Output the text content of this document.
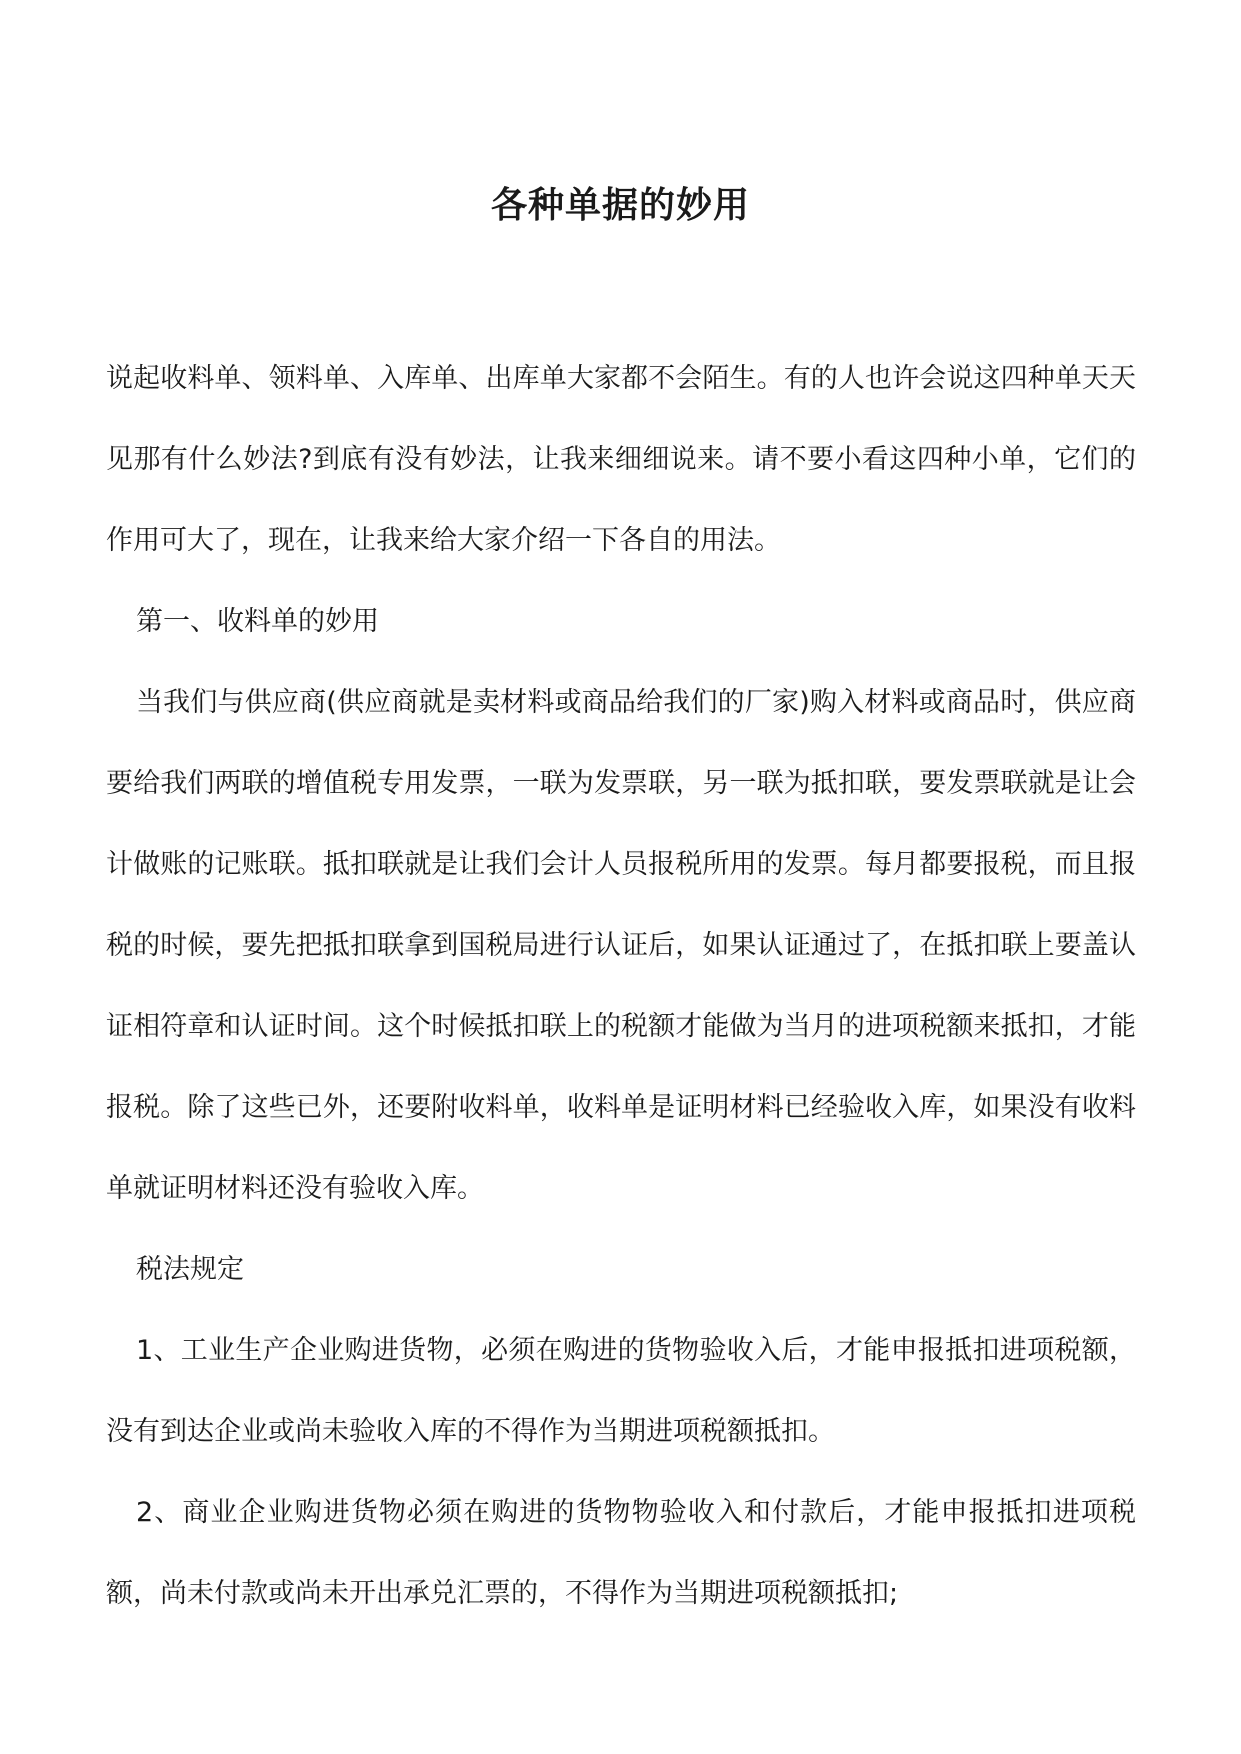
各种单据的妙用

说起收料单、领料单、入库单、出库单大家都不会陌生。有的人也许会说这四种单天天见那有什么妙法?到底有没有妙法，让我来细细说来。请不要小看这四种小单，它们的作用可大了，现在，让我来给大家介绍一下各自的用法。

第一、收料单的妙用

当我们与供应商(供应商就是卖材料或商品给我们的厂家)购入材料或商品时，供应商要给我们两联的增值税专用发票，一联为发票联，另一联为抵扣联，要发票联就是让会计做账的记账联。抵扣联就是让我们会计人员报税所用的发票。每月都要报税，而且报税的时候，要先把抵扣联拿到国税局进行认证后，如果认证通过了，在抵扣联上要盖认证相符章和认证时间。这个时候抵扣联上的税额才能做为当月的进项税额来抵扣，才能报税。除了这些已外，还要附收料单，收料单是证明材料已经验收入库，如果没有收料单就证明材料还没有验收入库。

税法规定

1、工业生产企业购进货物，必须在购进的货物验收入后，才能申报抵扣进项税额，没有到达企业或尚未验收入库的不得作为当期进项税额抵扣。

2、商业企业购进货物必须在购进的货物物验收入和付款后，才能申报抵扣进项税额，尚未付款或尚未开出承兑汇票的，不得作为当期进项税额抵扣;
